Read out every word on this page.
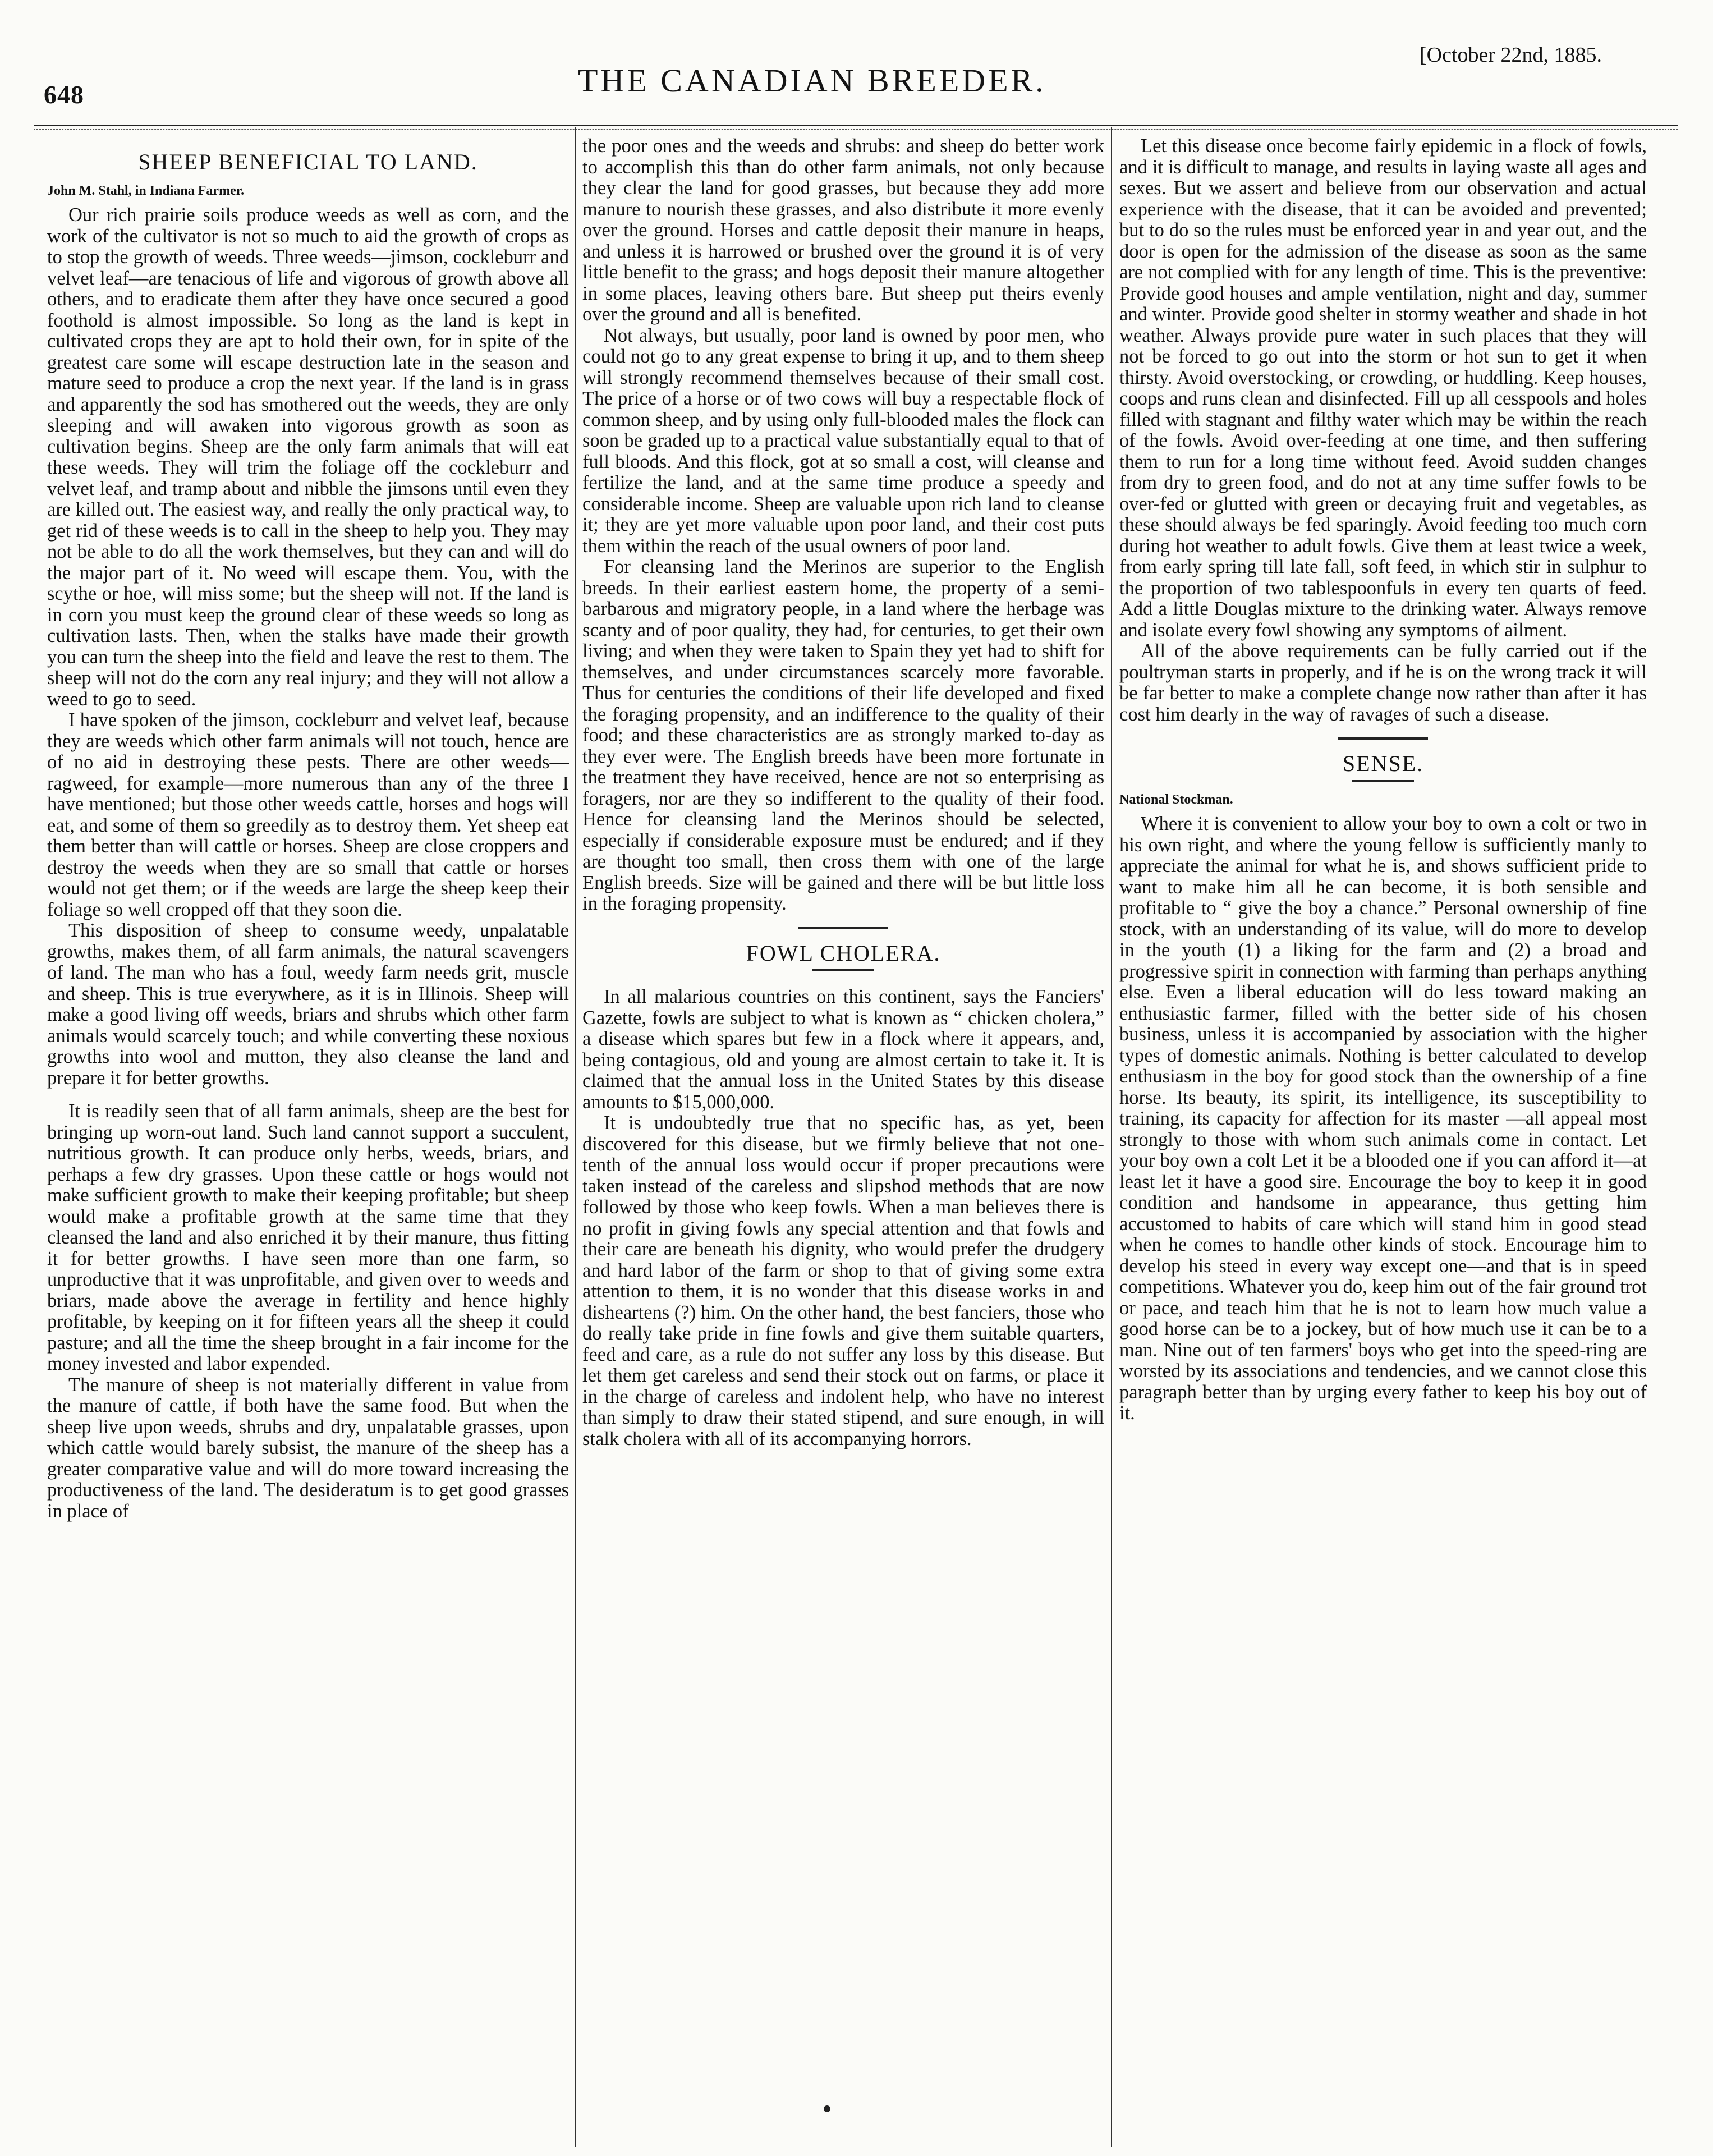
648	THE CANADIAN BREEDER.
[October 22nd, 1885.
SHEEP BENEFICIAL TO LAND.
John M. Stahl, in Indiana Farmer.

Our rich prairie soils produce weeds as well as corn, and the work of the cultivator is not so much to aid the growth of crops as to stop the growth of weeds. Three weeds—jimson, cockleburr and velvet leaf—are tenacious of life and vigorous of growth above all others, and to eradicate them after they have once secured a good foothold is almost impossible. So long as the land is kept in cultivated crops they are apt to hold their own, for in spite of the greatest care some will escape destruction late in the season and mature seed to produce a crop the next year. If the land is in grass and apparently the sod has smothered out the weeds, they are only sleeping and will awaken into vigorous growth as soon as cultivation begins. Sheep are the only farm animals that will eat these weeds. They will trim the foliage off the cockleburr and velvet leaf, and tramp about and nibble the jimsons until even they are killed out. The easiest way, and really the only practical way, to get rid of these weeds is to call in the sheep to help you. They may not be able to do all the work themselves, but they can and will do the major part of it. No weed will escape them. You, with the scythe or hoe, will miss some; but the sheep will not. If the land is in corn you must keep the ground clear of these weeds so long as cultivation lasts. Then, when the stalks have made their growth you can turn the sheep into the field and leave the rest to them. The sheep will not do the corn any real injury; and they will not allow a weed to go to seed.

I have spoken of the jimson, cockleburr and velvet leaf, because they are weeds which other farm animals will not touch, hence are of no aid in destroying these pests. There are other weeds—ragweed, for example—more numerous than any of the three I have mentioned; but those other weeds cattle, horses and hogs will eat, and some of them so greedily as to destroy them. Yet sheep eat them better than will cattle or horses. Sheep are close croppers and destroy the weeds when they are so small that cattle or horses would not get them; or if the weeds are large the sheep keep their foliage so well cropped off that they soon die.

This disposition of sheep to consume weedy, unpalatable growths, makes them, of all farm animals, the natural scavengers of land. The man who has a foul, weedy farm needs grit, muscle and sheep. This is true everywhere, as it is in Illinois. Sheep will make a good living off weeds, briars and shrubs which other farm animals would scarcely touch; and while converting these noxious growths into wool and mutton, they also cleanse the land and prepare it for better growths.

It is readily seen that of all farm animals, sheep are the best for bringing up worn-out land. Such land cannot support a succulent, nutritious growth. It can produce only herbs, weeds, briars, and perhaps a few dry grasses. Upon these cattle or hogs would not make sufficient growth to make their keeping profitable; but sheep would make a profitable growth at the same time that they cleansed the land and also enriched it by their manure, thus fitting it for better growths. I have seen more than one farm, so unproductive that it was unprofitable, and given over to weeds and briars, made above the average in fertility and hence highly profitable, by keeping on it for fifteen years all the sheep it could pasture; and all the time the sheep brought in a fair income for the money invested and labor expended.

The manure of sheep is not materially different in value from the manure of cattle, if both have the same food. But when the sheep live upon weeds, shrubs and dry, unpalatable grasses, upon which cattle would barely subsist, the manure of the sheep has a greater comparative value and will do more toward increasing the productiveness of the land. The desideratum is to get good grasses in place of

the poor ones and the weeds and shrubs: and sheep do better work to accomplish this than do other farm animals, not only because they clear the land for good grasses, but because they add more manure to nourish these grasses, and also distribute it more evenly over the ground. Horses and cattle deposit their manure in heaps, and unless it is harrowed or brushed over the ground it is of very little benefit to the grass; and hogs deposit their manure altogether in some places, leaving others bare. But sheep put theirs evenly over the ground and all is benefited.

Not always, but usually, poor land is owned by poor men, who could not go to any great expense to bring it up, and to them sheep will strongly recommend themselves because of their small cost. The price of a horse or of two cows will buy a respectable flock of common sheep, and by using only full-blooded males the flock can soon be graded up to a practical value substantially equal to that of full bloods. And this flock, got at so small a cost, will cleanse and fertilize the land, and at the same time produce a speedy and considerable income. Sheep are valuable upon rich land to cleanse it; they are yet more valuable upon poor land, and their cost puts them within the reach of the usual owners of poor land.

For cleansing land the Merinos are superior to the English breeds. In their earliest eastern home, the property of a semi-barbarous and migratory people, in a land where the herbage was scanty and of poor quality, they had, for centuries, to get their own living; and when they were taken to Spain they yet had to shift for themselves, and under circumstances scarcely more favorable. Thus for centuries the conditions of their life developed and fixed the foraging propensity, and an indifference to the quality of their food; and these characteristics are as strongly marked to-day as they ever were. The English breeds have been more fortunate in the treatment they have received, hence are not so enterprising as foragers, nor are they so indifferent to the quality of their food. Hence for cleansing land the Merinos should be selected, especially if considerable exposure must be endured; and if they are thought too small, then cross them with one of the large English breeds. Size will be gained and there will be but little loss in the foraging propensity.

FOWL CHOLERA.

In all malarious countries on this continent, says the Fanciers' Gazette, fowls are subject to what is known as “ chicken cholera,” a disease which spares but few in a flock where it appears, and, being contagious, old and young are almost certain to take it. It is claimed that the annual loss in the United States by this disease amounts to $15,000,000.

It is undoubtedly true that no specific has, as yet, been discovered for this disease, but we firmly believe that not one-tenth of the annual loss would occur if proper precautions were taken instead of the careless and slipshod methods that are now followed by those who keep fowls. When a man believes there is no profit in giving fowls any special attention and that fowls and their care are beneath his dignity, who would prefer the drudgery and hard labor of the farm or shop to that of giving some extra attention to them, it is no wonder that this disease works in and disheartens (?) him. On the other hand, the best fanciers, those who do really take pride in fine fowls and give them suitable quarters, feed and care, as a rule do not suffer any loss by this disease. But let them get careless and send their stock out on farms, or place it in the charge of careless and indolent help, who have no interest than simply to draw their stated stipend, and sure enough, in will stalk cholera with all of its accompanying horrors.

Let this disease once become fairly epidemic in a flock of fowls, and it is difficult to manage, and results in laying waste all ages and sexes. But we assert and believe from our observation and actual experience with the disease, that it can be avoided and prevented; but to do so the rules must be enforced year in and year out, and the door is open for the admission of the disease as soon as the same are not complied with for any length of time. This is the preventive: Provide good houses and ample ventilation, night and day, summer and winter. Provide good shelter in stormy weather and shade in hot weather. Always provide pure water in such places that they will not be forced to go out into the storm or hot sun to get it when thirsty. Avoid overstocking, or crowding, or huddling. Keep houses, coops and runs clean and disinfected. Fill up all cesspools and holes filled with stagnant and filthy water which may be within the reach of the fowls. Avoid over-feeding at one time, and then suffering them to run for a long time without feed. Avoid sudden changes from dry to green food, and do not at any time suffer fowls to be over-fed or glutted with green or decaying fruit and vegetables, as these should always be fed sparingly. Avoid feeding too much corn during hot weather to adult fowls. Give them at least twice a week, from early spring till late fall, soft feed, in which stir in sulphur to the proportion of two tablespoonfuls in every ten quarts of feed. Add a little Douglas mixture to the drinking water. Always remove and isolate every fowl showing any symptoms of ailment.

All of the above requirements can be fully carried out if the poultryman starts in properly, and if he is on the wrong track it will be far better to make a complete change now rather than after it has cost him dearly in the way of ravages of such a disease.

SENSE.
National Stockman.

Where it is convenient to allow your boy to own a colt or two in his own right, and where the young fellow is sufficiently manly to appreciate the animal for what he is, and shows sufficient pride to want to make him all he can become, it is both sensible and profitable to “ give the boy a chance.” Personal ownership of fine stock, with an understanding of its value, will do more to develop in the youth (1) a liking for the farm and (2) a broad and progressive spirit in connection with farming than perhaps anything else. Even a liberal education will do less toward making an enthusiastic farmer, filled with the better side of his chosen business, unless it is accompanied by association with the higher types of domestic animals. Nothing is better calculated to develop enthusiasm in the boy for good stock than the ownership of a fine horse. Its beauty, its spirit, its intelligence, its susceptibility to training, its capacity for affection for its master —all appeal most strongly to those with whom such animals come in contact. Let your boy own a colt Let it be a blooded one if you can afford it—at least let it have a good sire. Encourage the boy to keep it in good condition and handsome in appearance, thus getting him accustomed to habits of care which will stand him in good stead when he comes to handle other kinds of stock. Encourage him to develop his steed in every way except one—and that is in speed competitions. Whatever you do, keep him out of the fair ground trot or pace, and teach him that he is not to learn how much value a good horse can be to a jockey, but of how much use it can be to a man. Nine out of ten farmers' boys who get into the speed-ring are worsted by its associations and tendencies, and we cannot close this paragraph better than by urging every father to keep his boy out of it.
